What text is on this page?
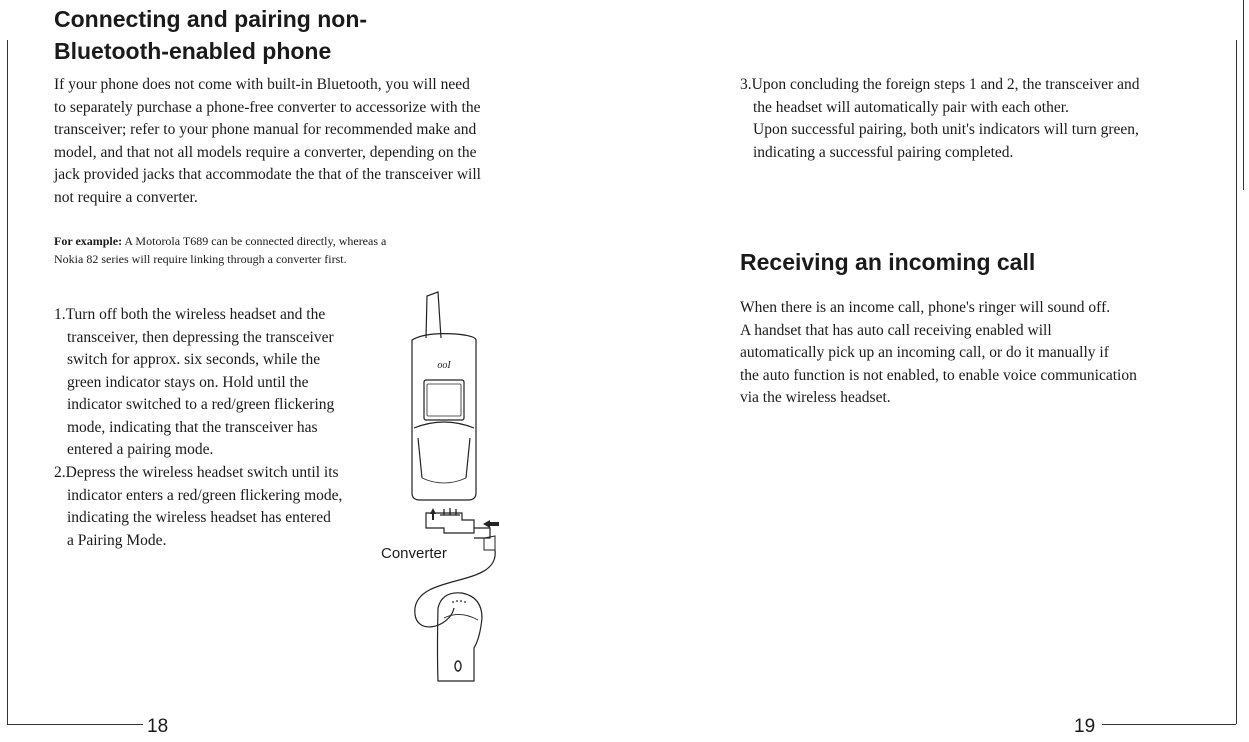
Connecting and pairing non-
Bluetooth-enabled phone
If your phone does not come with built-in Bluetooth, you will need
to separately purchase a phone-free converter to accessorize with the
transceiver; refer to your phone manual for recommended make and
model, and that not all models require a converter, depending on the
jack provided jacks that accommodate the that of the transceiver will
not require a converter.
For example: A Motorola T689 can be connected directly, whereas a
Nokia 82 series will require linking through a converter first.
1.Turn off both the wireless headset and the
transceiver, then depressing the transceiver
switch for approx. six seconds, while the
green indicator stays on. Hold until the
indicator switched to a red/green flickering
mode, indicating that the transceiver has
entered a pairing mode.
2.Depress the wireless headset switch until its
indicator enters a red/green flickering mode,
indicating the wireless headset has entered
a Pairing Mode.
ooI
Converter
18
3.Upon concluding the foreign steps 1 and 2, the transceiver and
the headset will automatically pair with each other.
Upon successful pairing, both unit's indicators will turn green,
indicating a successful pairing completed.
Receiving an incoming call
When there is an income call, phone's ringer will sound off.
A handset that has auto call receiving enabled will
automatically pick up an incoming call, or do it manually if
the auto function is not enabled, to enable voice communication
via the wireless headset.
19
